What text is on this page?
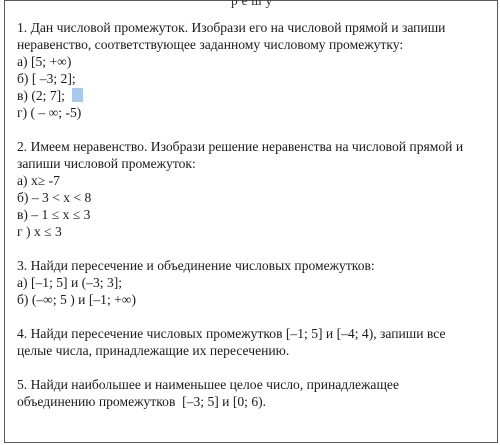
р е ш у
1. Дан числовой промежуток. Изобрази его на числовой прямой и запиши
неравенство, соответствующее заданному числовому промежутку:
а) [5; +∞)
б) [ –3; 2];
в) (2; 7];
г) ( – ∞; -5)
2. Имеем неравенство. Изобрази решение неравенства на числовой прямой и
запиши числовой промежуток:
а) x≥ -7
б) – 3 < x < 8
в) – 1 ≤ x ≤ 3
г ) x ≤ 3
3. Найди пересечение и объединение числовых промежутков:
а) [–1; 5] и (–3; 3];
б) (–∞; 5 ) и [–1; +∞)
4. Найди пересечение числовых промежутков [–1; 5] и [–4; 4), запиши все
целые числа, принадлежащие их пересечению.
5. Найди наибольшее и наименьшее целое число, принадлежащее
объединению промежутков  [–3; 5] и [0; 6).
